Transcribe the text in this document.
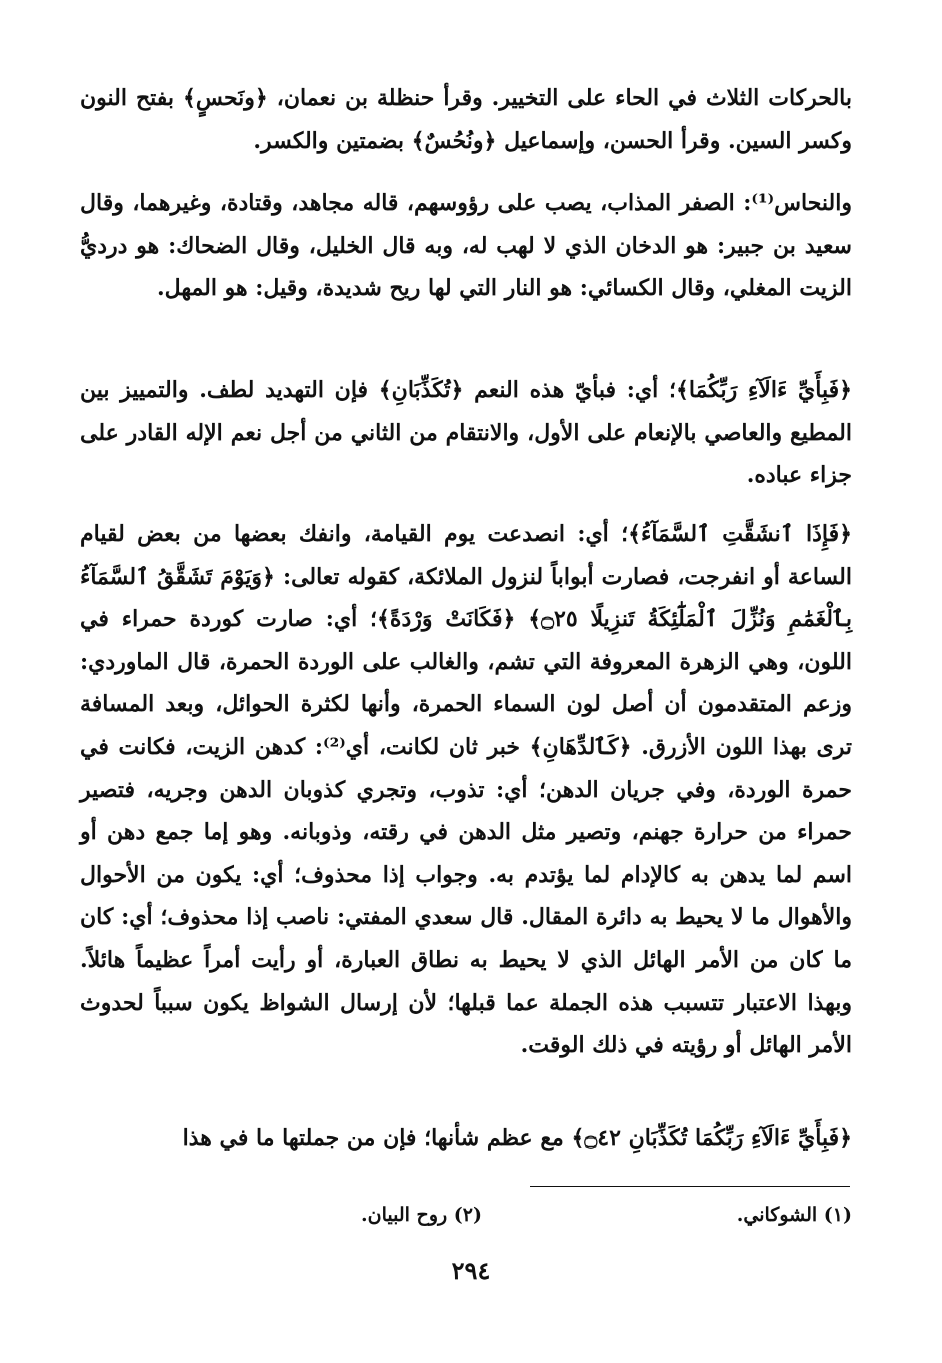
بالحركات الثلاث في الحاء على التخيير. وقرأ حنظلة بن نعمان، ﴿ونَحسٍ﴾ بفتح النون وكسر السين. وقرأ الحسن، وإسماعيل ﴿ونُحُسٌ﴾ بضمتين والكسر.

والنحاس⁽¹⁾: الصفر المذاب، يصب على رؤوسهم، قاله مجاهد، وقتادة، وغيرهما، وقال سعيد بن جبير: هو الدخان الذي لا لهب له، وبه قال الخليل، وقال الضحاك: هو درديُّ الزيت المغلي، وقال الكسائي: هو النار التي لها ريح شديدة، وقيل: هو المهل.

﴿فَبِأَيِّ ءَالَآءِ رَبِّكُمَا﴾؛ أي: فبأيّ هذه النعم ﴿تُكَذِّبَانِ﴾ فإن التهديد لطف. والتمييز بين المطيع والعاصي بالإنعام على الأول، والانتقام من الثاني من أجل نعم الإله القادر على جزاء عباده.

﴿فَإِذَا ٱنشَقَّتِ ٱلسَّمَآءُ﴾؛ أي: انصدعت يوم القيامة، وانفك بعضها من بعض لقيام الساعة أو انفرجت، فصارت أبواباً لنزول الملائكة، كقوله تعالى: ﴿وَيَوْمَ تَشَقَّقُ ٱلسَّمَآءُ بِٱلْغَمَٰمِ وَنُزِّلَ ٱلْمَلَٰٓئِكَةُ تَنزِيلًا ۝٢٥﴾ ﴿فَكَانَتْ وَرْدَةً﴾؛ أي: صارت كوردة حمراء في اللون، وهي الزهرة المعروفة التي تشم، والغالب على الوردة الحمرة، قال الماوردي: وزعم المتقدمون أن أصل لون السماء الحمرة، وأنها لكثرة الحوائل، وبعد المسافة ترى بهذا اللون الأزرق. ﴿كَٱلدِّهَانِ﴾ خبر ثان لكانت، أي⁽²⁾: كدهن الزيت، فكانت في حمرة الوردة، وفي جريان الدهن؛ أي: تذوب، وتجري كذوبان الدهن وجريه، فتصير حمراء من حرارة جهنم، وتصير مثل الدهن في رقته، وذوبانه. وهو إما جمع دهن أو اسم لما يدهن به كالإدام لما يؤتدم به. وجواب إذا محذوف؛ أي: يكون من الأحوال والأهوال ما لا يحيط به دائرة المقال. قال سعدي المفتي: ناصب إذا محذوف؛ أي: كان ما كان من الأمر الهائل الذي لا يحيط به نطاق العبارة، أو رأيت أمراً عظيماً هائلاً. وبهذا الاعتبار تتسبب هذه الجملة عما قبلها؛ لأن إرسال الشواظ يكون سبباً لحدوث الأمر الهائل أو رؤيته في ذلك الوقت.

﴿فَبِأَيِّ ءَالَآءِ رَبِّكُمَا تُكَذِّبَانِ ۝٤٢﴾ مع عظم شأنها؛ فإن من جملتها ما في هذا

(١) الشوكاني.
(٢) روح البيان.
٢٩٤
